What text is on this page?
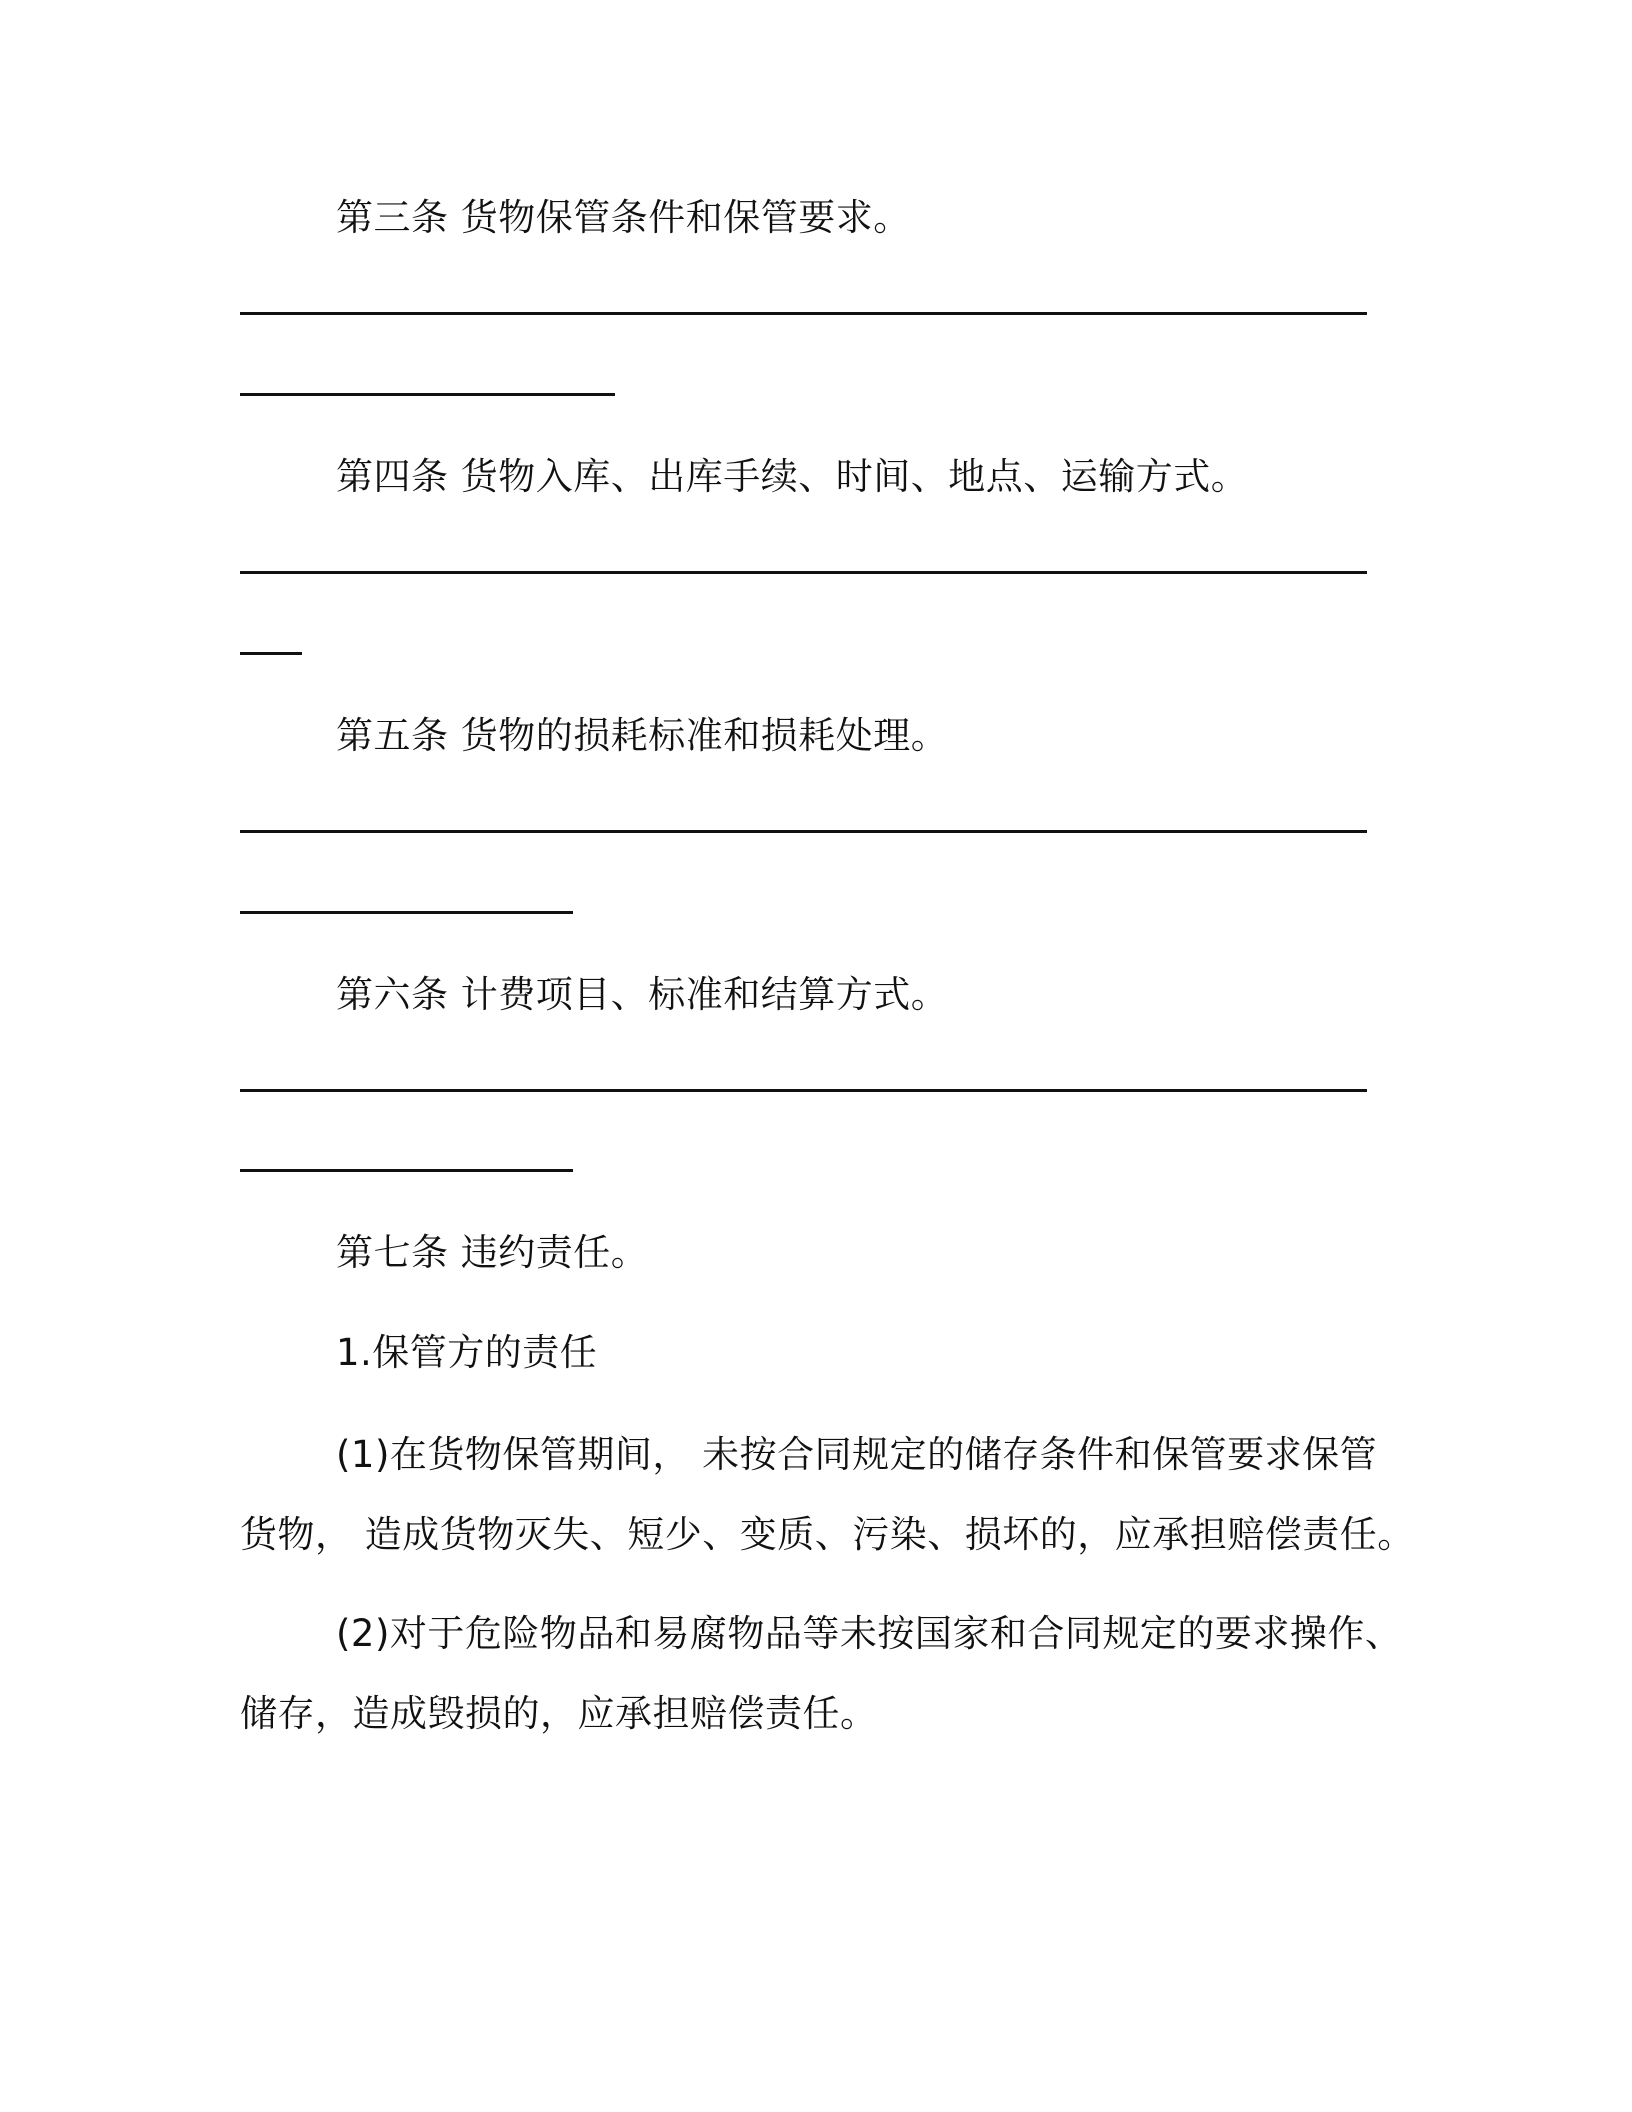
第三条 货物保管条件和保管要求。
第四条 货物入库、出库手续、时间、地点、运输方式。
第五条 货物的损耗标准和损耗处理。
第六条 计费项目、标准和结算方式。
第七条 违约责任。
1.保管方的责任
(1)在货物保管期间， 未按合同规定的储存条件和保管要求保管
货物， 造成货物灭失、短少、变质、污染、损坏的，应承担赔偿责任。
(2)对于危险物品和易腐物品等未按国家和合同规定的要求操作、
储存，造成毁损的，应承担赔偿责任。
